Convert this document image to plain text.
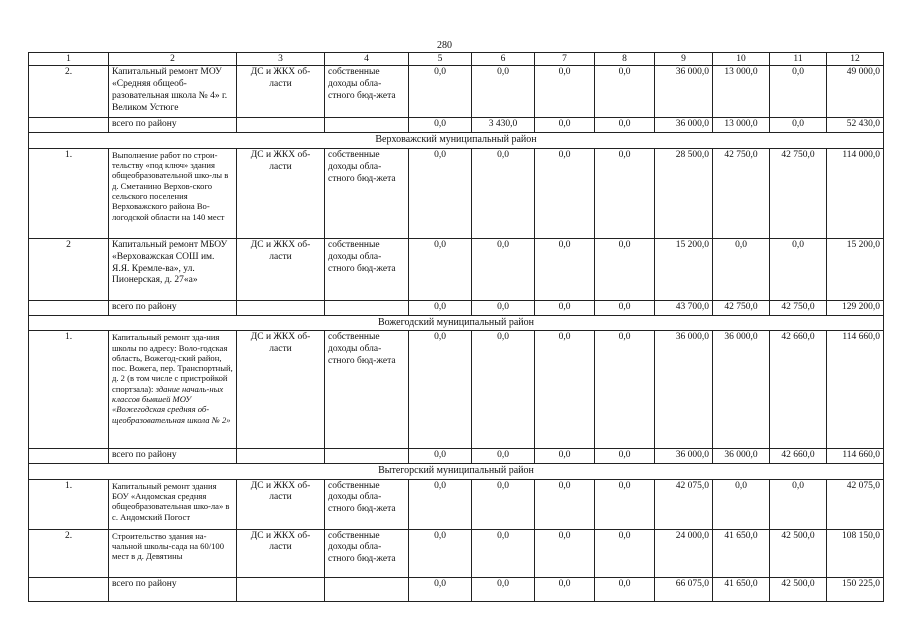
280
1	2	3	4	5	6	7	8	9	10	11	12
2.	Капитальный ремонт МОУ «Средняя общеоб-разовательная школа № 4» г. Великом Устюге	ДС и ЖКХ об-ласти	собственные доходы обла-стного бюд-жета	0,0	0,0	0,0	0,0	36 000,0	13 000,0	0,0	49 000,0
	всего по району			0,0	3 430,0	0,0	0,0	36 000,0	13 000,0	0,0	52 430,0
Верховажский муниципальный район											
1.	Выполнение работ по строи-тельству «под ключ» здания общеобразовательной шко-лы в д. Сметанино Верхов-ского сельского поселения Верховажского района Во-логодской области на 140 мест	ДС и ЖКХ об-ласти	собственные доходы обла-стного бюд-жета	0,0	0,0	0,0	0,0	28 500,0	42 750,0	42 750,0	114 000,0
2	Капитальный ремонт МБОУ «Верховажская СОШ им. Я.Я. Кремле-ва», ул. Пионерская, д. 27«а»	ДС и ЖКХ об-ласти	собственные доходы обла-стного бюд-жета	0,0	0,0	0,0	0,0	15 200,0	0,0	0,0	15 200,0
	всего по району			0,0	0,0	0,0	0,0	43 700,0	42 750,0	42 750,0	129 200,0
Вожегодский муниципальный район											
1.	Капитальный ремонт зда-ния школы по адресу: Воло-годская область, Вожегод-ский район, пос. Вожега, пер. Транспортный, д. 2 (в том числе с пристройкой спортзала): здание началь-ных классов бывшей МОУ «Вожегодская средняя об-щеобразовательная школа № 2»	ДС и ЖКХ об-ласти	собственные доходы обла-стного бюд-жета	0,0	0,0	0,0	0,0	36 000,0	36 000,0	42 660,0	114 660,0
	всего по району			0,0	0,0	0,0	0,0	36 000,0	36 000,0	42 660,0	114 660,0
Вытегорский муниципальный район											
1.	Капитальный ремонт здания БОУ «Андомская средняя общеобразовательная шко-ла» в с. Андомский Погост	ДС и ЖКХ об-ласти	собственные доходы обла-стного бюд-жета	0,0	0,0	0,0	0,0	42 075,0	0,0	0,0	42 075,0
2.	Строительство здания на-чальной школы-сада на 60/100 мест в д. Девятины	ДС и ЖКХ об-ласти	собственные доходы обла-стного бюд-жета	0,0	0,0	0,0	0,0	24 000,0	41 650,0	42 500,0	108 150,0
	всего по району			0,0	0,0	0,0	0,0	66 075,0	41 650,0	42 500,0	150 225,0
